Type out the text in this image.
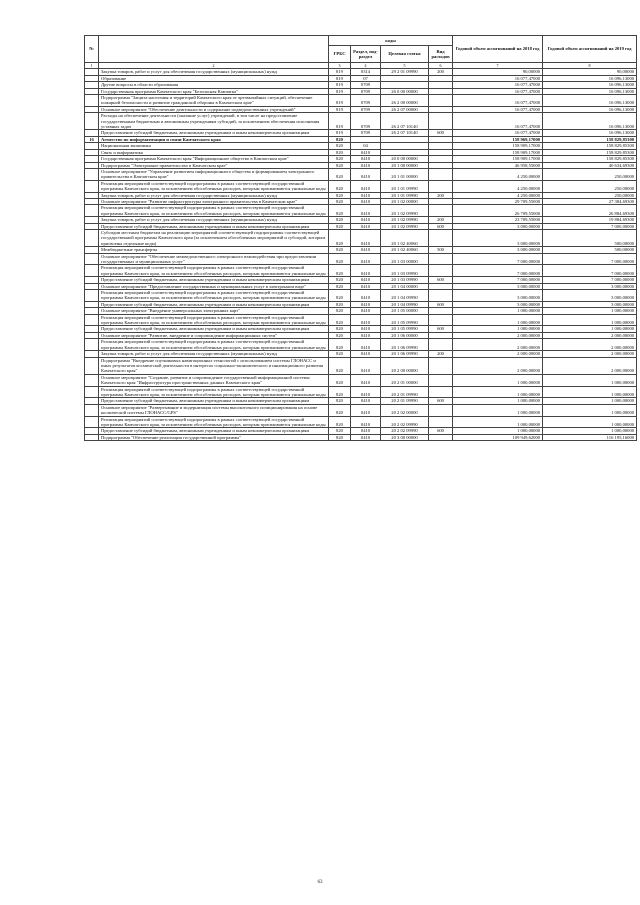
№		коды				Годовой объем ассигнований на 2018 год	Годовой объем ассигнований на 2019 год
		ГРБС	Раздел, под-раздел	Целевая статья	Вид расходов		
1	2	3	4	5	6	7	8
	Закупка товаров, работ и услуг для обеспечения государственных (муниципальных) нужд	819	0314	29 2 01 09990	200	90,00000	90,00000
	Образование	819	07			16 077,47000	16 096,13000
	Другие вопросы в области образования	819	0709			16 077,47000	16 096,13000
	Государственная программа Камчатского края "Безопасная Камчатка"	819	0709	26 0 00 00000		16 077,47000	16 096,13000
	Подпрограмма "Защита населения и территорий Камчатского края от чрезвычайных ситуаций, обеспечение пожарной безопасности и развитие гражданской обороны в Камчатском крае"	819	0709	26 2 00 00000		16 077,47000	16 096,13000
	Основное мероприятие "Обеспечение деятельности и содержание подведомственных учреждений"	819	0709	26 2 07 00000		16 077,47000	16 096,13000
	Расходы на обеспечение деятельности (оказание услуг) учреждений, в том числе на предоставление государственным бюджетным и автономным учреждениям субсидий, за исключением обеспечения исполнения уставных задач	819	0709	26 2 07 10140		16 077,47000	16 096,13000
	Предоставление субсидий бюджетным, автономным учреждениям и иным некоммерческим организациям	819	0709	26 2 07 10140	600	16 077,47000	16 096,13000
16	Агентство по информатизации и связи Камчатского края	820				158 969,17000	158 829,85300
	Национальная экономика	820	04			158 909,17000	158 829,85300
	Связь и информатика	820	0410			158 909,17000	158 829,85300
	Государственная программа Камчатского края "Информационное общество в Камчатском крае"	820	0410	20 0 00 00000		158 909,17000	158 829,85300
	Подпрограмма "Электронное правительство в Камчатском крае"	820	0410	20 1 00 00000		46 958,55000	40 634,69300
	Основное мероприятие "Управление развитием информационного общества и формированием электронного правительства в Камчатском крае"	820	0410	20 1 01 00000		4 250,00000	250,00000
	Реализация мероприятий соответствующей подпрограммы в рамках соответствующей государственной программы Камчатского края, за исключением обособленных расходов, которым присваиваются уникальные коды	820	0410	20 1 01 09990		4 250,00000	250,00000
	Закупка товаров, работ и услуг для обеспечения государственных (муниципальных) нужд	820	0410	20 1 01 09990	200	4 250,00000	250,00000
	Основное мероприятие "Развитие инфраструктуры электронного правительства в Камчатском крае"	820	0410	20 1 02 00000		29 709,55000	27 384,69300
	Реализация мероприятий соответствующей подпрограммы в рамках соответствующей государственной программы Камчатского края, за исключением обособленных расходов, которым присваиваются уникальные коды	820	0410	20 1 02 09990		26 709,55000	26 884,69300
	Закупка товаров, работ и услуг для обеспечения государственных (муниципальных) нужд	820	0410	20 1 02 09990	200	23 709,55000	19 884,69300
	Предоставление субсидий бюджетным, автономным учреждениям и иным некоммерческим организациям	820	0410	20 1 02 09990	600	3 000,00000	7 000,00000
	Субсидии местным бюджетам на реализацию мероприятий соответствующей подпрограммы соответствующей государственной программы Камчатского края (за исключением обособленных мероприятий и субсидий, которым присвоены отдельные коды)	820	0410	20 1 02 40060		3 000,00000	500,00000
	Межбюджетные трансферты	820	0410	20 1 02 40060	500	3 000,00000	500,00000
	Основное мероприятие "Обеспечение межведомственного электронного взаимодействия при предоставлении государственных и муниципальных услуг"	820	0410	20 1 03 00000		7 000,00000	7 000,00000
	Реализация мероприятий соответствующей подпрограммы в рамках соответствующей государственной программы Камчатского края, за исключением обособленных расходов, которым присваиваются уникальные коды	820	0410	20 1 03 09990		7 000,00000	7 000,00000
	Предоставление субсидий бюджетным, автономным учреждениям и иным некоммерческим организациям	820	0410	20 1 03 09990	600	7 000,00000	7 000,00000
	Основное мероприятие "Предоставление государственных и муниципальных услуг в электронном виде"	820	0410	20 1 04 00000		3 000,00000	3 000,00000
	Реализация мероприятий соответствующей подпрограммы в рамках соответствующей государственной программы Камчатского края, за исключением обособленных расходов, которым присваиваются уникальные коды	820	0410	20 1 04 09990		3 000,00000	3 000,00000
	Предоставление субсидий бюджетным, автономным учреждениям и иным некоммерческим организациям	820	0410	20 1 04 09990	600	3 000,00000	3 000,00000
	Основное мероприятие "Внедрение универсальных электронных карт"	820	0410	20 1 05 00000		1 000,00000	1 000,00000
	Реализация мероприятий соответствующей подпрограммы в рамках соответствующей государственной программы Камчатского края, за исключением обособленных расходов, которым присваиваются уникальные коды	820	0410	20 1 05 09990		1 000,00000	1 000,00000
	Предоставление субсидий бюджетным, автономным учреждениям и иным некоммерческим организациям	820	0410	20 1 05 09990	600	1 000,00000	1 000,00000
	Основное мероприятие "Развитие, внедрение и сопровождение информационных систем"	820	0410	20 1 06 00000		2 000,00000	2 000,00000
	Реализация мероприятий соответствующей подпрограммы в рамках соответствующей государственной программы Камчатского края, за исключением обособленных расходов, которым присваиваются уникальные коды	820	0410	20 1 06 09990		2 000,00000	2 000,00000
	Закупка товаров, работ и услуг для обеспечения государственных (муниципальных) нужд	820	0410	20 1 06 09990	200	2 000,00000	2 000,00000
	Подпрограмма "Внедрение спутниковых навигационных технологий с использованием системы ГЛОНАСС и иных результатов космической деятельности в интересах социально-экономического и инновационного развития Камчатского края"	820	0410	20 2 00 00000		2 000,00000	2 000,00000
	Основное мероприятие "Создание, развитие и сопровождение государственной информационной системы Камчатского края "Инфраструктура пространственных данных Камчатского края"	820	0410	20 2 01 00000		1 000,00000	1 000,00000
	Реализация мероприятий соответствующей подпрограммы в рамках соответствующей государственной программы Камчатского края, за исключением обособленных расходов, которым присваиваются уникальные коды	820	0410	20 2 01 09990		1 000,00000	1 000,00000
	Предоставление субсидий бюджетным, автономным учреждениям и иным некоммерческим организациям	820	0410	20 2 01 09990	600	1 000,00000	1 000,00000
	Основное мероприятие "Развертывание и модернизация системы высокоточного позиционирования на основе космической системы ГЛОНАСС/GPS"	820	0410	20 2 02 00000		1 000,00000	1 000,00000
	Реализация мероприятий соответствующей подпрограммы в рамках соответствующей государственной программы Камчатского края, за исключением обособленных расходов, которым присваиваются уникальные коды	820	0410	20 2 02 09990		1 000,00000	1 000,00000
	Предоставление субсидий бюджетным, автономным учреждениям и иным некоммерческим организациям	820	0410	20 2 02 09990	600	1 000,00000	1 000,00000
	Подпрограмма "Обеспечение реализации государственной программы"	820	0410	20 3 00 00000		109 949,62000	116 195,16000
63
